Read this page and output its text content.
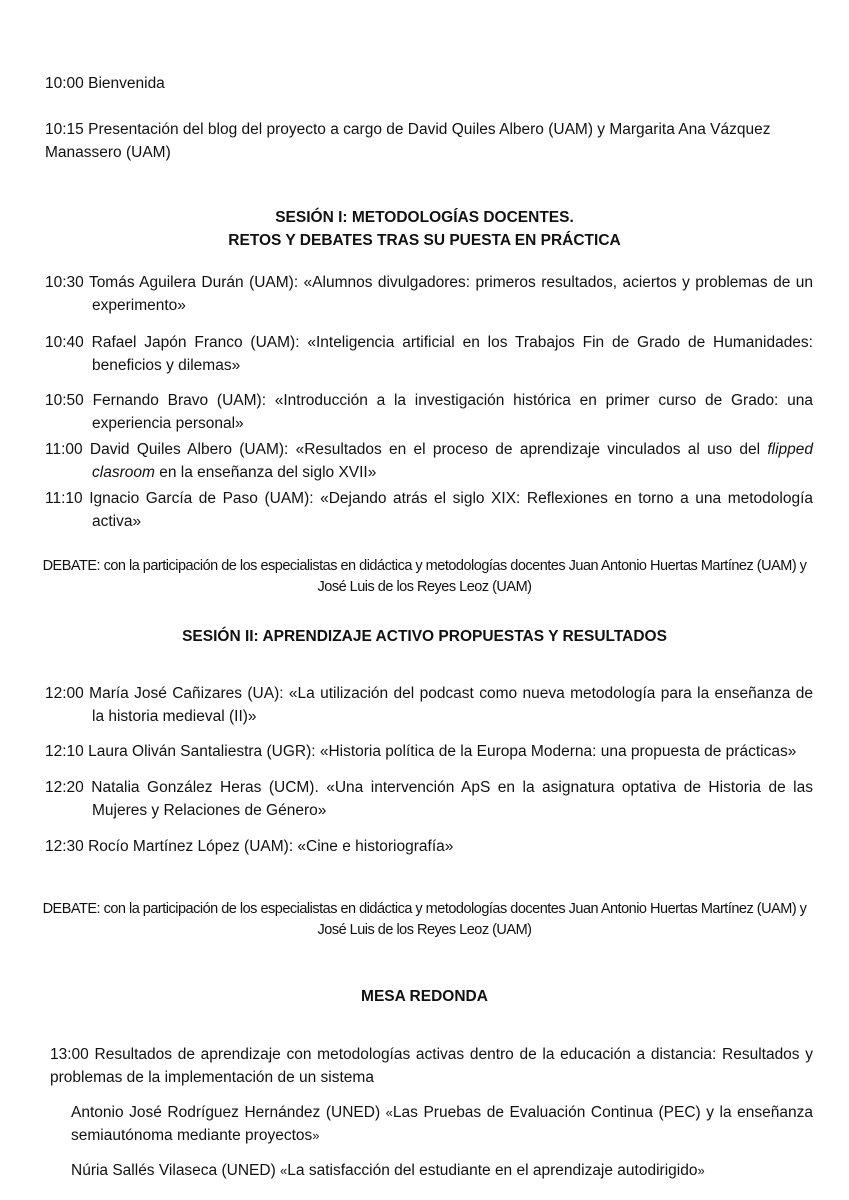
10:00 Bienvenida
10:15 Presentación del blog del proyecto a cargo de David Quiles Albero (UAM) y Margarita Ana Vázquez Manassero (UAM)
SESIÓN I: METODOLOGÍAS DOCENTES.
RETOS Y DEBATES TRAS SU PUESTA EN PRÁCTICA
10:30 Tomás Aguilera Durán (UAM): «Alumnos divulgadores: primeros resultados, aciertos y problemas de un experimento»
10:40 Rafael Japón Franco (UAM): «Inteligencia artificial en los Trabajos Fin de Grado de Humanidades: beneficios y dilemas»
10:50 Fernando Bravo (UAM): «Introducción a la investigación histórica en primer curso de Grado: una experiencia personal»
11:00 David Quiles Albero (UAM): «Resultados en el proceso de aprendizaje vinculados al uso del flipped clasroom en la enseñanza del siglo XVII»
11:10 Ignacio García de Paso (UAM): «Dejando atrás el siglo XIX: Reflexiones en torno a una metodología activa»
DEBATE: con la participación de los especialistas en didáctica y metodologías docentes Juan Antonio Huertas Martínez (UAM) y José Luis de los Reyes Leoz (UAM)
SESIÓN II: APRENDIZAJE ACTIVO PROPUESTAS Y RESULTADOS
12:00 María José Cañizares (UA): «La utilización del podcast como nueva metodología para la enseñanza de la historia medieval (II)»
12:10 Laura Oliván Santaliestra (UGR): «Historia política de la Europa Moderna: una propuesta de prácticas»
12:20 Natalia González Heras (UCM). «Una intervención ApS en la asignatura optativa de Historia de las Mujeres y Relaciones de Género»
12:30 Rocío Martínez López (UAM): «Cine e historiografía»
DEBATE: con la participación de los especialistas en didáctica y metodologías docentes Juan Antonio Huertas Martínez (UAM) y José Luis de los Reyes Leoz (UAM)
MESA REDONDA
13:00 Resultados de aprendizaje con metodologías activas dentro de la educación a distancia: Resultados y problemas de la implementación de un sistema
Antonio José Rodríguez Hernández (UNED) «Las Pruebas de Evaluación Continua (PEC) y la enseñanza semiautónoma mediante proyectos»
Núria Sallés Vilaseca (UNED) «La satisfacción del estudiante en el aprendizaje autodirigido»
